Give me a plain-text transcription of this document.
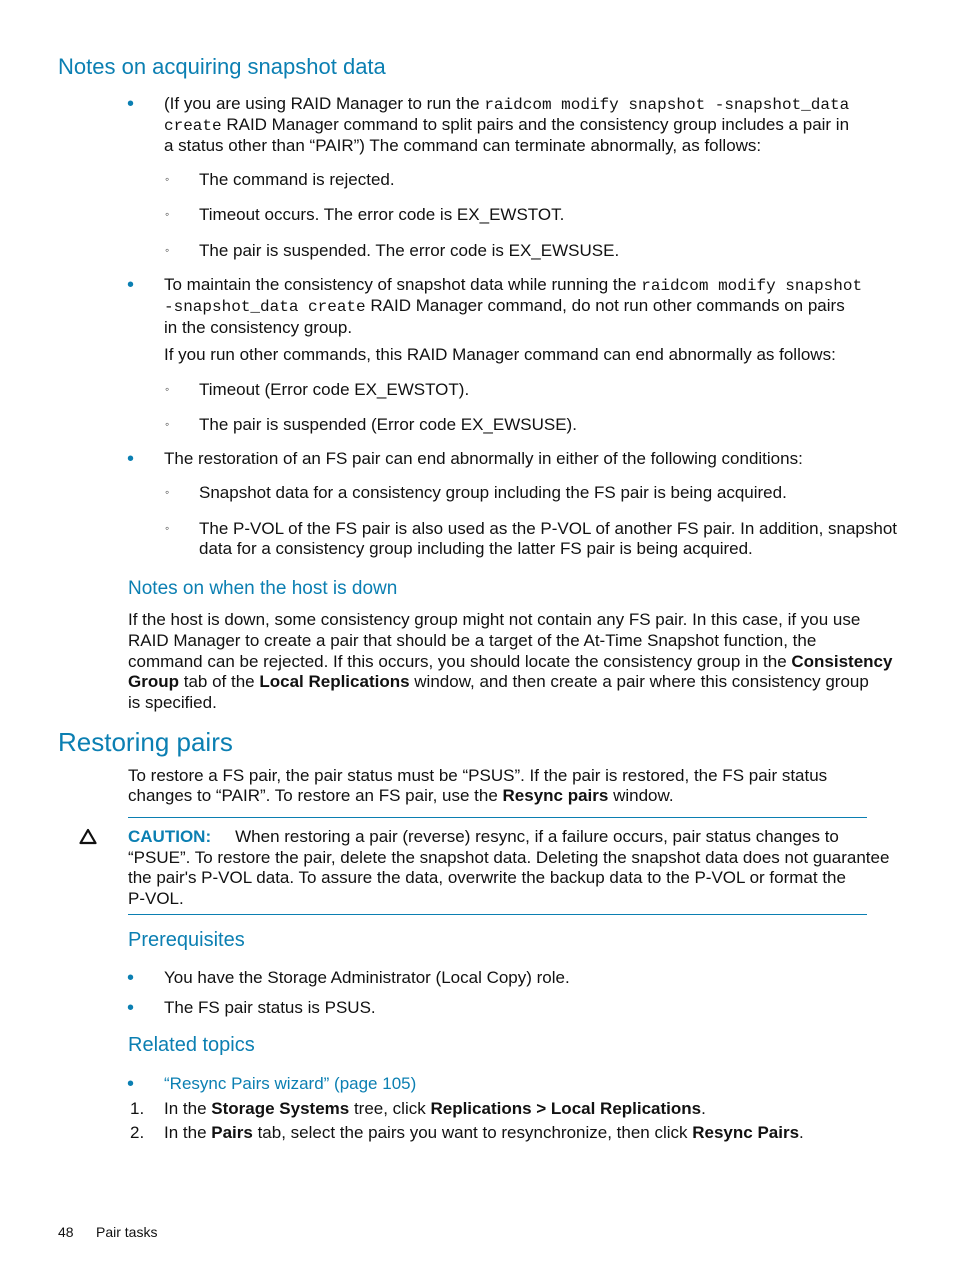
Notes on acquiring snapshot data
• (If you are using RAID Manager to run the raidcom modify snapshot -snapshot_data
create RAID Manager command to split pairs and the consistency group includes a pair in
a status other than “PAIR”) The command can terminate abnormally, as follows:
◦ The command is rejected.
◦ Timeout occurs. The error code is EX_EWSTOT.
◦ The pair is suspended. The error code is EX_EWSUSE.
• To maintain the consistency of snapshot data while running the raidcom modify snapshot
-snapshot_data create RAID Manager command, do not run other commands on pairs
in the consistency group.
If you run other commands, this RAID Manager command can end abnormally as follows:
◦ Timeout (Error code EX_EWSTOT).
◦ The pair is suspended (Error code EX_EWSUSE).
• The restoration of an FS pair can end abnormally in either of the following conditions:
◦ Snapshot data for a consistency group including the FS pair is being acquired.
◦ The P-VOL of the FS pair is also used as the P-VOL of another FS pair. In addition, snapshot
data for a consistency group including the latter FS pair is being acquired.
Notes on when the host is down
If the host is down, some consistency group might not contain any FS pair. In this case, if you use
RAID Manager to create a pair that should be a target of the At-Time Snapshot function, the
command can be rejected. If this occurs, you should locate the consistency group in the Consistency
Group tab of the Local Replications window, and then create a pair where this consistency group
is specified.
Restoring pairs
To restore a FS pair, the pair status must be “PSUS”. If the pair is restored, the FS pair status
changes to “PAIR”. To restore an FS pair, use the Resync pairs window.
CAUTION: When restoring a pair (reverse) resync, if a failure occurs, pair status changes to
“PSUE”. To restore the pair, delete the snapshot data. Deleting the snapshot data does not guarantee
the pair's P-VOL data. To assure the data, overwrite the backup data to the P-VOL or format the
P-VOL.
Prerequisites
• You have the Storage Administrator (Local Copy) role.
• The FS pair status is PSUS.
Related topics
• “Resync Pairs wizard” (page 105)
1. In the Storage Systems tree, click Replications > Local Replications.
2. In the Pairs tab, select the pairs you want to resynchronize, then click Resync Pairs.
48 Pair tasks
